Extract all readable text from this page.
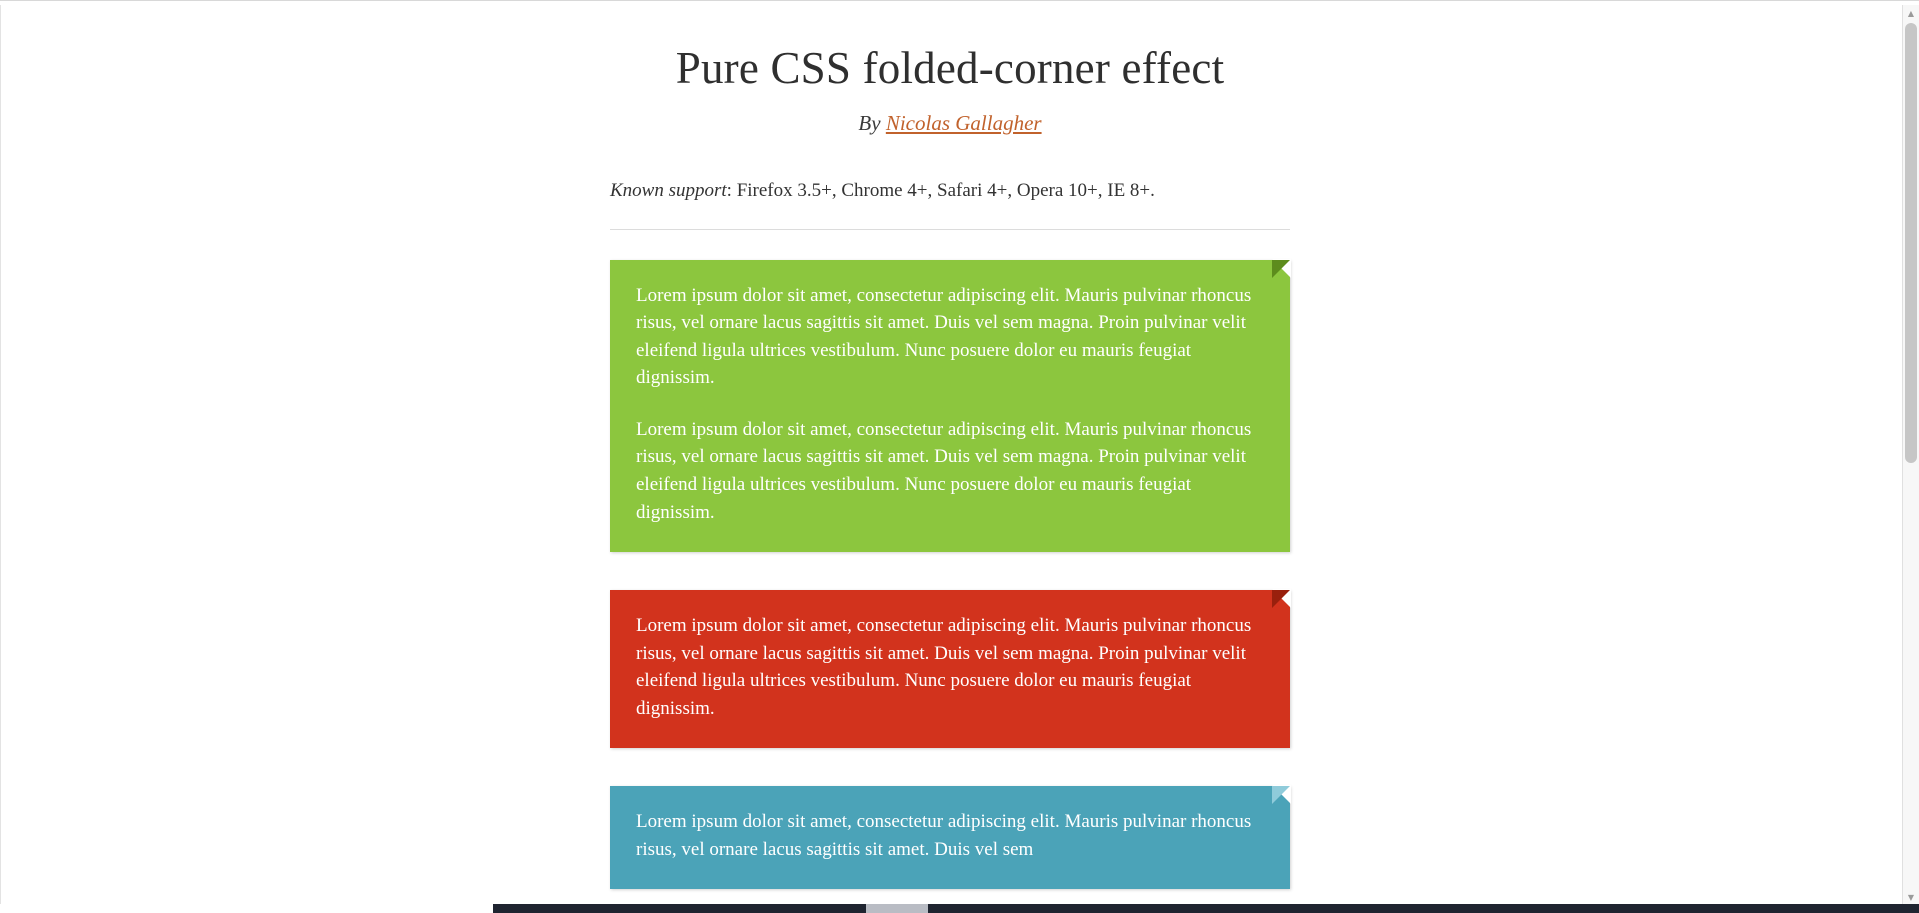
Pure CSS folded-corner effect

By Nicolas Gallagher

Known support: Firefox 3.5+, Chrome 4+, Safari 4+, Opera 10+, IE 8+.

Lorem ipsum dolor sit amet, consectetur adipiscing elit. Mauris pulvinar rhoncus risus, vel ornare lacus sagittis sit amet. Duis vel sem magna. Proin pulvinar velit eleifend ligula ultrices vestibulum. Nunc posuere dolor eu mauris feugiat dignissim.

Lorem ipsum dolor sit amet, consectetur adipiscing elit. Mauris pulvinar rhoncus risus, vel ornare lacus sagittis sit amet. Duis vel sem magna. Proin pulvinar velit eleifend ligula ultrices vestibulum. Nunc posuere dolor eu mauris feugiat dignissim.

Lorem ipsum dolor sit amet, consectetur adipiscing elit. Mauris pulvinar rhoncus risus, vel ornare lacus sagittis sit amet. Duis vel sem magna. Proin pulvinar velit eleifend ligula ultrices vestibulum. Nunc posuere dolor eu mauris feugiat dignissim.

Lorem ipsum dolor sit amet, consectetur adipiscing elit. Mauris pulvinar rhoncus risus, vel ornare lacus sagittis sit amet. Duis vel sem

▲
▼
